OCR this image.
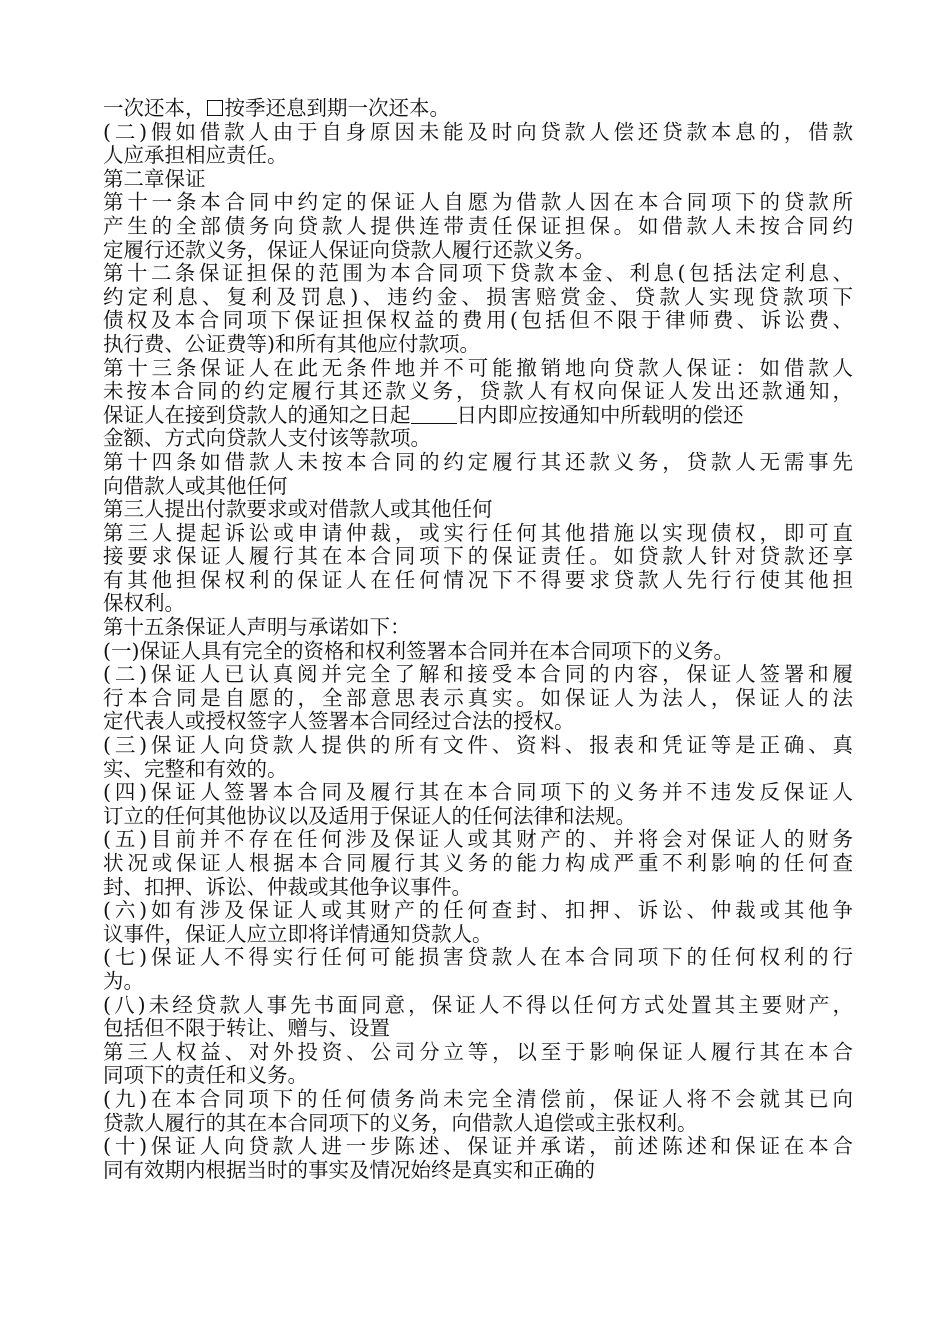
一次还本， 按季还息到期一次还本。
(二)假如借款人由于自身原因未能及时向贷款人偿还贷款本息的，借款
人应承担相应责任。
第二章保证
第十一条本合同中约定的保证人自愿为借款人因在本合同项下的贷款所
产生的全部债务向贷款人提供连带责任保证担保。如借款人未按合同约
定履行还款义务，保证人保证向贷款人履行还款义务。
第十二条保证担保的范围为本合同项下贷款本金、利息(包括法定利息、
约定利息、复利及罚息)、违约金、损害赔赏金、贷款人实现贷款项下
债权及本合同项下保证担保权益的费用(包括但不限于律师费、诉讼费、
执行费、公证费等)和所有其他应付款项。
第十三条保证人在此无条件地并不可能撤销地向贷款人保证：如借款人
未按本合同的约定履行其还款义务，贷款人有权向保证人发出还款通知，
保证人在接到贷款人的通知之日起 日内即应按通知中所载明的偿还
金额、方式向贷款人支付该等款项。
第十四条如借款人未按本合同的约定履行其还款义务，贷款人无需事先
向借款人或其他任何
第三人提出付款要求或对借款人或其他任何
第三人提起诉讼或申请仲裁，或实行任何其他措施以实现债权，即可直
接要求保证人履行其在本合同项下的保证责任。如贷款人针对贷款还享
有其他担保权利的保证人在任何情况下不得要求贷款人先行行使其他担
保权利。
第十五条保证人声明与承诺如下：
(一)保证人具有完全的资格和权利签署本合同并在本合同项下的义务。
(二)保证人已认真阅并完全了解和接受本合同的内容，保证人签署和履
行本合同是自愿的，全部意思表示真实。如保证人为法人，保证人的法
定代表人或授权签字人签署本合同经过合法的授权。
(三)保证人向贷款人提供的所有文件、资料、报表和凭证等是正确、真
实、完整和有效的。
(四)保证人签署本合同及履行其在本合同项下的义务并不违发反保证人
订立的任何其他协议以及适用于保证人的任何法律和法规。
(五)目前并不存在任何涉及保证人或其财产的、并将会对保证人的财务
状况或保证人根据本合同履行其义务的能力构成严重不利影响的任何查
封、扣押、诉讼、仲裁或其他争议事件。
(六)如有涉及保证人或其财产的任何查封、扣押、诉讼、仲裁或其他争
议事件，保证人应立即将详情通知贷款人。
(七)保证人不得实行任何可能损害贷款人在本合同项下的任何权利的行
为。
(八)未经贷款人事先书面同意，保证人不得以任何方式处置其主要财产，
包括但不限于转让、赠与、设置
第三人权益、对外投资、公司分立等，以至于影响保证人履行其在本合
同项下的责任和义务。
(九)在本合同项下的任何债务尚未完全清偿前，保证人将不会就其已向
贷款人履行的其在本合同项下的义务，向借款人追偿或主张权利。
(十)保证人向贷款人进一步陈述、保证并承诺，前述陈述和保证在本合
同有效期内根据当时的事实及情况始终是真实和正确的
